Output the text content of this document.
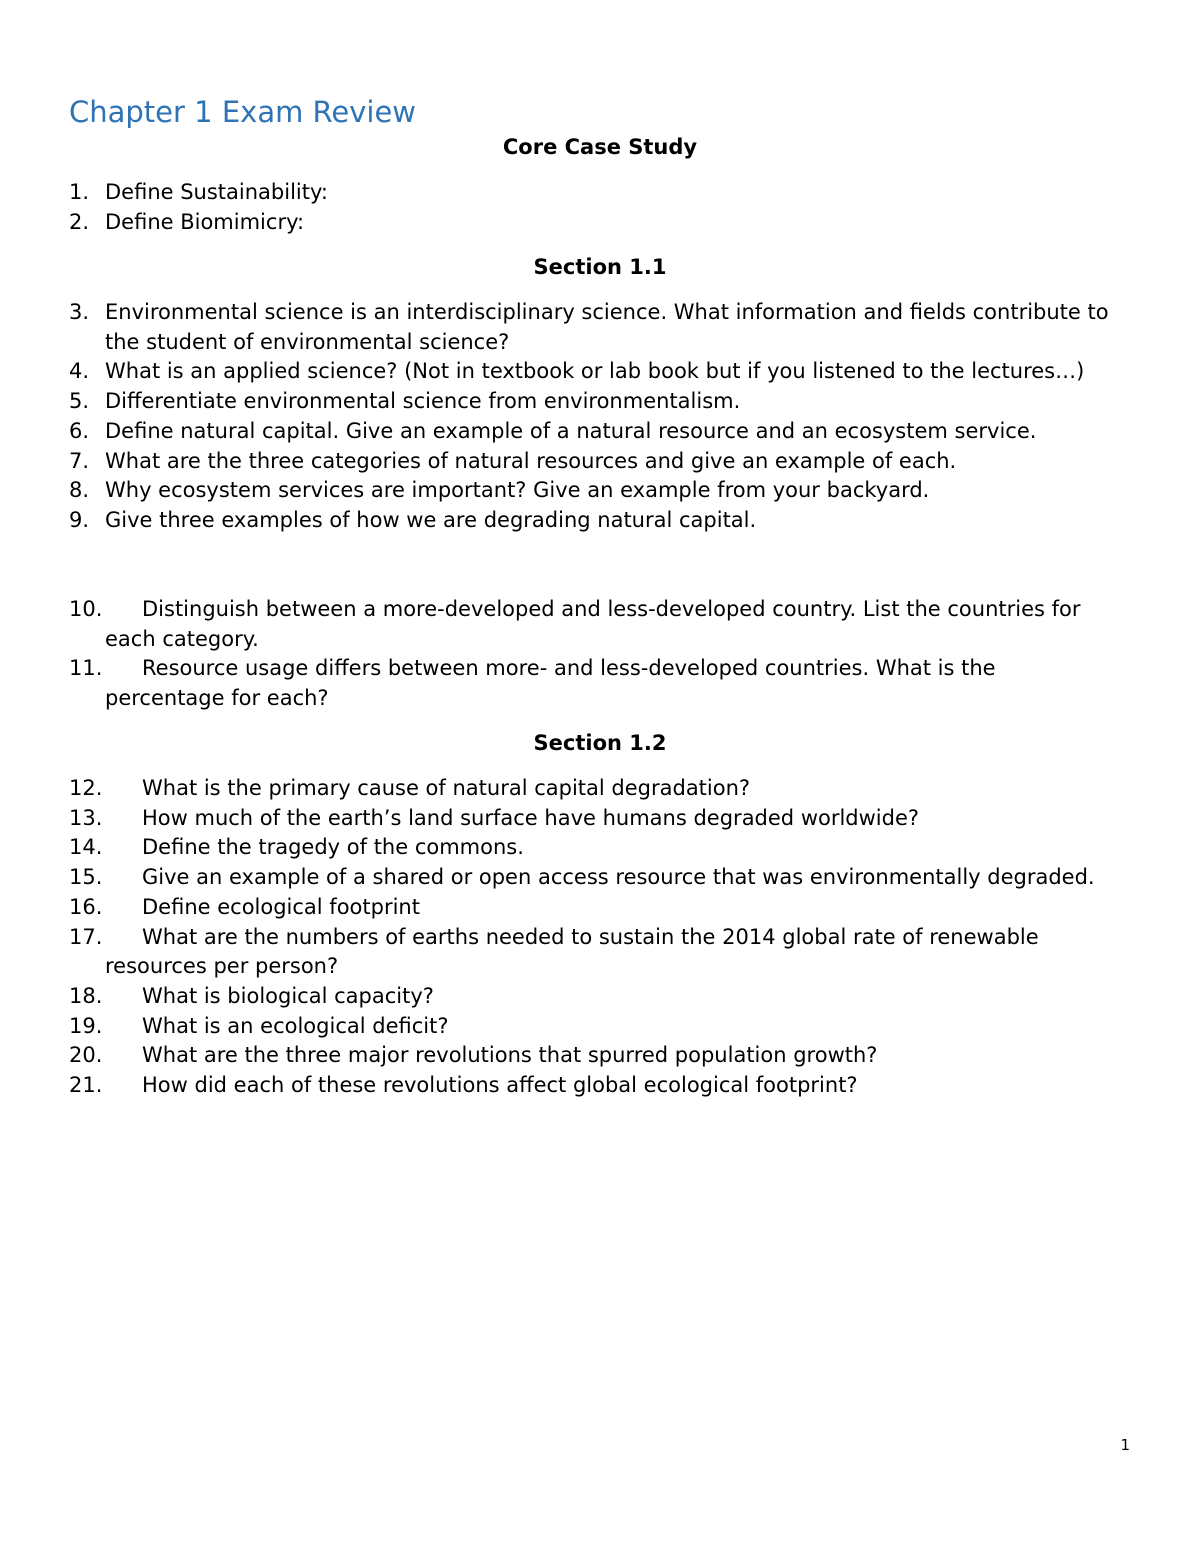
Chapter 1 Exam Review
Core Case Study
1. Define Sustainability:
2. Define Biomimicry:
Section 1.1
3. Environmental science is an interdisciplinary science. What information and fields contribute to the student of environmental science?
4. What is an applied science? (Not in textbook or lab book but if you listened to the lectures…)
5. Differentiate environmental science from environmentalism.
6. Define natural capital. Give an example of a natural resource and an ecosystem service.
7. What are the three categories of natural resources and give an example of each.
8. Why ecosystem services are important? Give an example from your backyard.
9. Give three examples of how we are degrading natural capital.
10. Distinguish between a more-developed and less-developed country. List the countries for each category.
11. Resource usage differs between more- and less-developed countries. What is the percentage for each?
Section 1.2
12. What is the primary cause of natural capital degradation?
13. How much of the earth’s land surface have humans degraded worldwide?
14. Define the tragedy of the commons.
15. Give an example of a shared or open access resource that was environmentally degraded.
16. Define ecological footprint
17. What are the numbers of earths needed to sustain the 2014 global rate of renewable resources per person?
18. What is biological capacity?
19. What is an ecological deficit?
20. What are the three major revolutions that spurred population growth?
21. How did each of these revolutions affect global ecological footprint?
1
